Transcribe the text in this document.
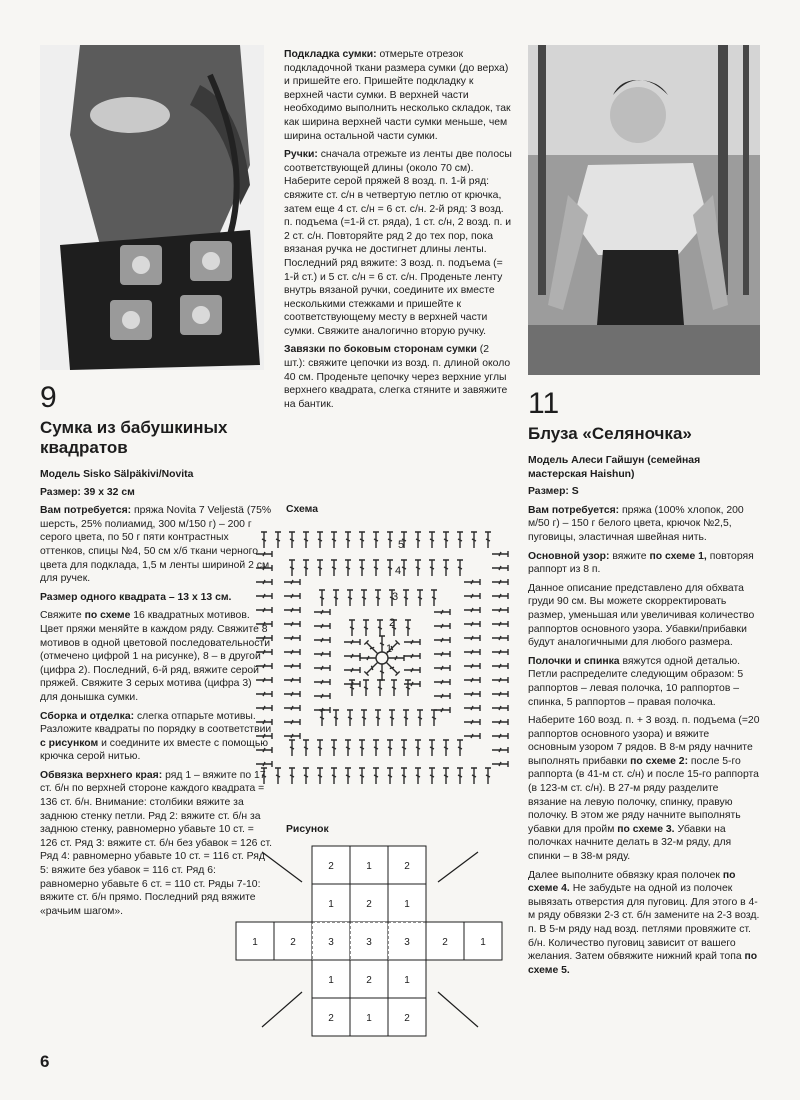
9
Сумка из бабушкиных квадратов
Модель Sisko Sälpäkivi/Novita

Размер: 39 х 32 см

Вам потребуется: пряжа Novita 7 Veljestä (75% шерсть, 25% полиамид, 300 м/150 г) – 200 г серого цвета, по 50 г пяти контрастных оттенков, спицы №4, 50 см х/б ткани черного цвета для подклада, 1,5 м ленты шириной 2 см для ручек.

Размер одного квадрата – 13 х 13 см.

Свяжите по схеме 16 квадратных мотивов. Цвет пряжи меняйте в каждом ряду. Свяжите 8 мотивов в одной цветовой последовательности (отмечено цифрой 1 на рисунке), 8 – в другой (цифра 2). Последний, 6-й ряд, вяжите серой пряжей. Свяжите 3 серых мотива (цифра 3) для донышка сумки.

Сборка и отделка: слегка отпарьте мотивы. Разложите квадраты по порядку в соответствии с рисунком и соедините их вместе с помощью крючка серой нитью.

Обвязка верхнего края: ряд 1 – вяжите по 17 ст. б/н по верхней стороне каждого квадрата = 136 ст. б/н. Внимание: столбики вяжите за заднюю стенку петли. Ряд 2: вяжите ст. б/н за заднюю стенку, равномерно убавьте 10 ст. = 126 ст. Ряд 3: вяжите ст. б/н без убавок = 126 ст. Ряд 4: равномерно убавьте 10 ст. = 116 ст. Ряд 5: вяжите без убавок = 116 ст. Ряд 6: равномерно убавьте 6 ст. = 110 ст. Ряды 7-10: вяжите ст. б/н прямо. Последний ряд вяжите «рачьим шагом».

Подкладка сумки: отмерьте отрезок подкладочной ткани размера сумки (до верха) и пришейте его. Пришейте подкладку к верхней части сумки. В верхней части необходимо выполнить несколько складок, так как ширина верхней части сумки меньше, чем ширина остальной части сумки.

Ручки: сначала отрежьте из ленты две полосы соответствующей длины (около 70 см). Наберите серой пряжей 8 возд. п. 1-й ряд: свяжите ст. с/н в четвертую петлю от крючка, затем еще 4 ст. с/н = 6 ст. с/н. 2-й ряд: 3 возд. п. подъема (=1-й ст. ряда), 1 ст. с/н, 2 возд. п. и 2 ст. с/н. Повторяйте ряд 2 до тех пор, пока вязаная ручка не достигнет длины ленты. Последний ряд вяжите: 3 возд. п. подъема (= 1-й ст.) и 5 ст. с/н = 6 ст. с/н. Проденьте ленту внутрь вязаной ручки, соедините их вместе несколькими стежками и пришейте к соответствующему месту в верхней части сумки. Свяжите аналогично вторую ручку.

Завязки по боковым сторонам сумки (2 шт.): свяжите цепочки из возд. п. длиной около 40 см. Проденьте цепочку через верхние углы верхнего квадрата, слегка стяните и завяжите на бантик.

Схема
1
2
3
4
5
Рисунок
2	1	2
1	2	1
1	2	3	3	3	2	1
1	2	1
2	1	2
11
Блуза «Селяночка»
Модель Алеси Гайшун (семейная мастерская Haishun)

Размер: S

Вам потребуется: пряжа (100% хлопок, 200 м/50 г) – 150 г белого цвета, крючок №2,5, пуговицы, эластичная швейная нить.

Основной узор: вяжите по схеме 1, повторяя раппорт из 8 п.

Данное описание представлено для обхвата груди 90 см. Вы можете скорректировать размер, уменьшая или увеличивая количество раппортов основного узора. Убавки/прибавки будут аналогичными для любого размера.

Полочки и спинка вяжутся одной деталью. Петли распределите следующим образом: 5 раппортов – левая полочка, 10 раппортов – спинка, 5 раппортов – правая полочка.

Наберите 160 возд. п. + 3 возд. п. подъема (=20 раппортов основного узора) и вяжите основным узором 7 рядов. В 8-м ряду начните выполнять прибавки по схеме 2: после 5-го раппорта (в 41-м ст. с/н) и после 15-го раппорта (в 123-м ст. с/н). В 27-м ряду разделите вязание на левую полочку, спинку, правую полочку. В этом же ряду начните выполнять убавки для пройм по схеме 3. Убавки на полочках начните делать в 32-м ряду, для спинки – в 38-м ряду.

Далее выполните обвязку края полочек по схеме 4. Не забудьте на одной из полочек вывязать отверстия для пуговиц. Для этого в 4-м ряду обвязки 2-3 ст. б/н замените на 2-3 возд. п. В 5-м ряду над возд. петлями провяжите ст. б/н. Количество пуговиц зависит от вашего желания. Затем обвяжите нижний край топа по схеме 5.

6
